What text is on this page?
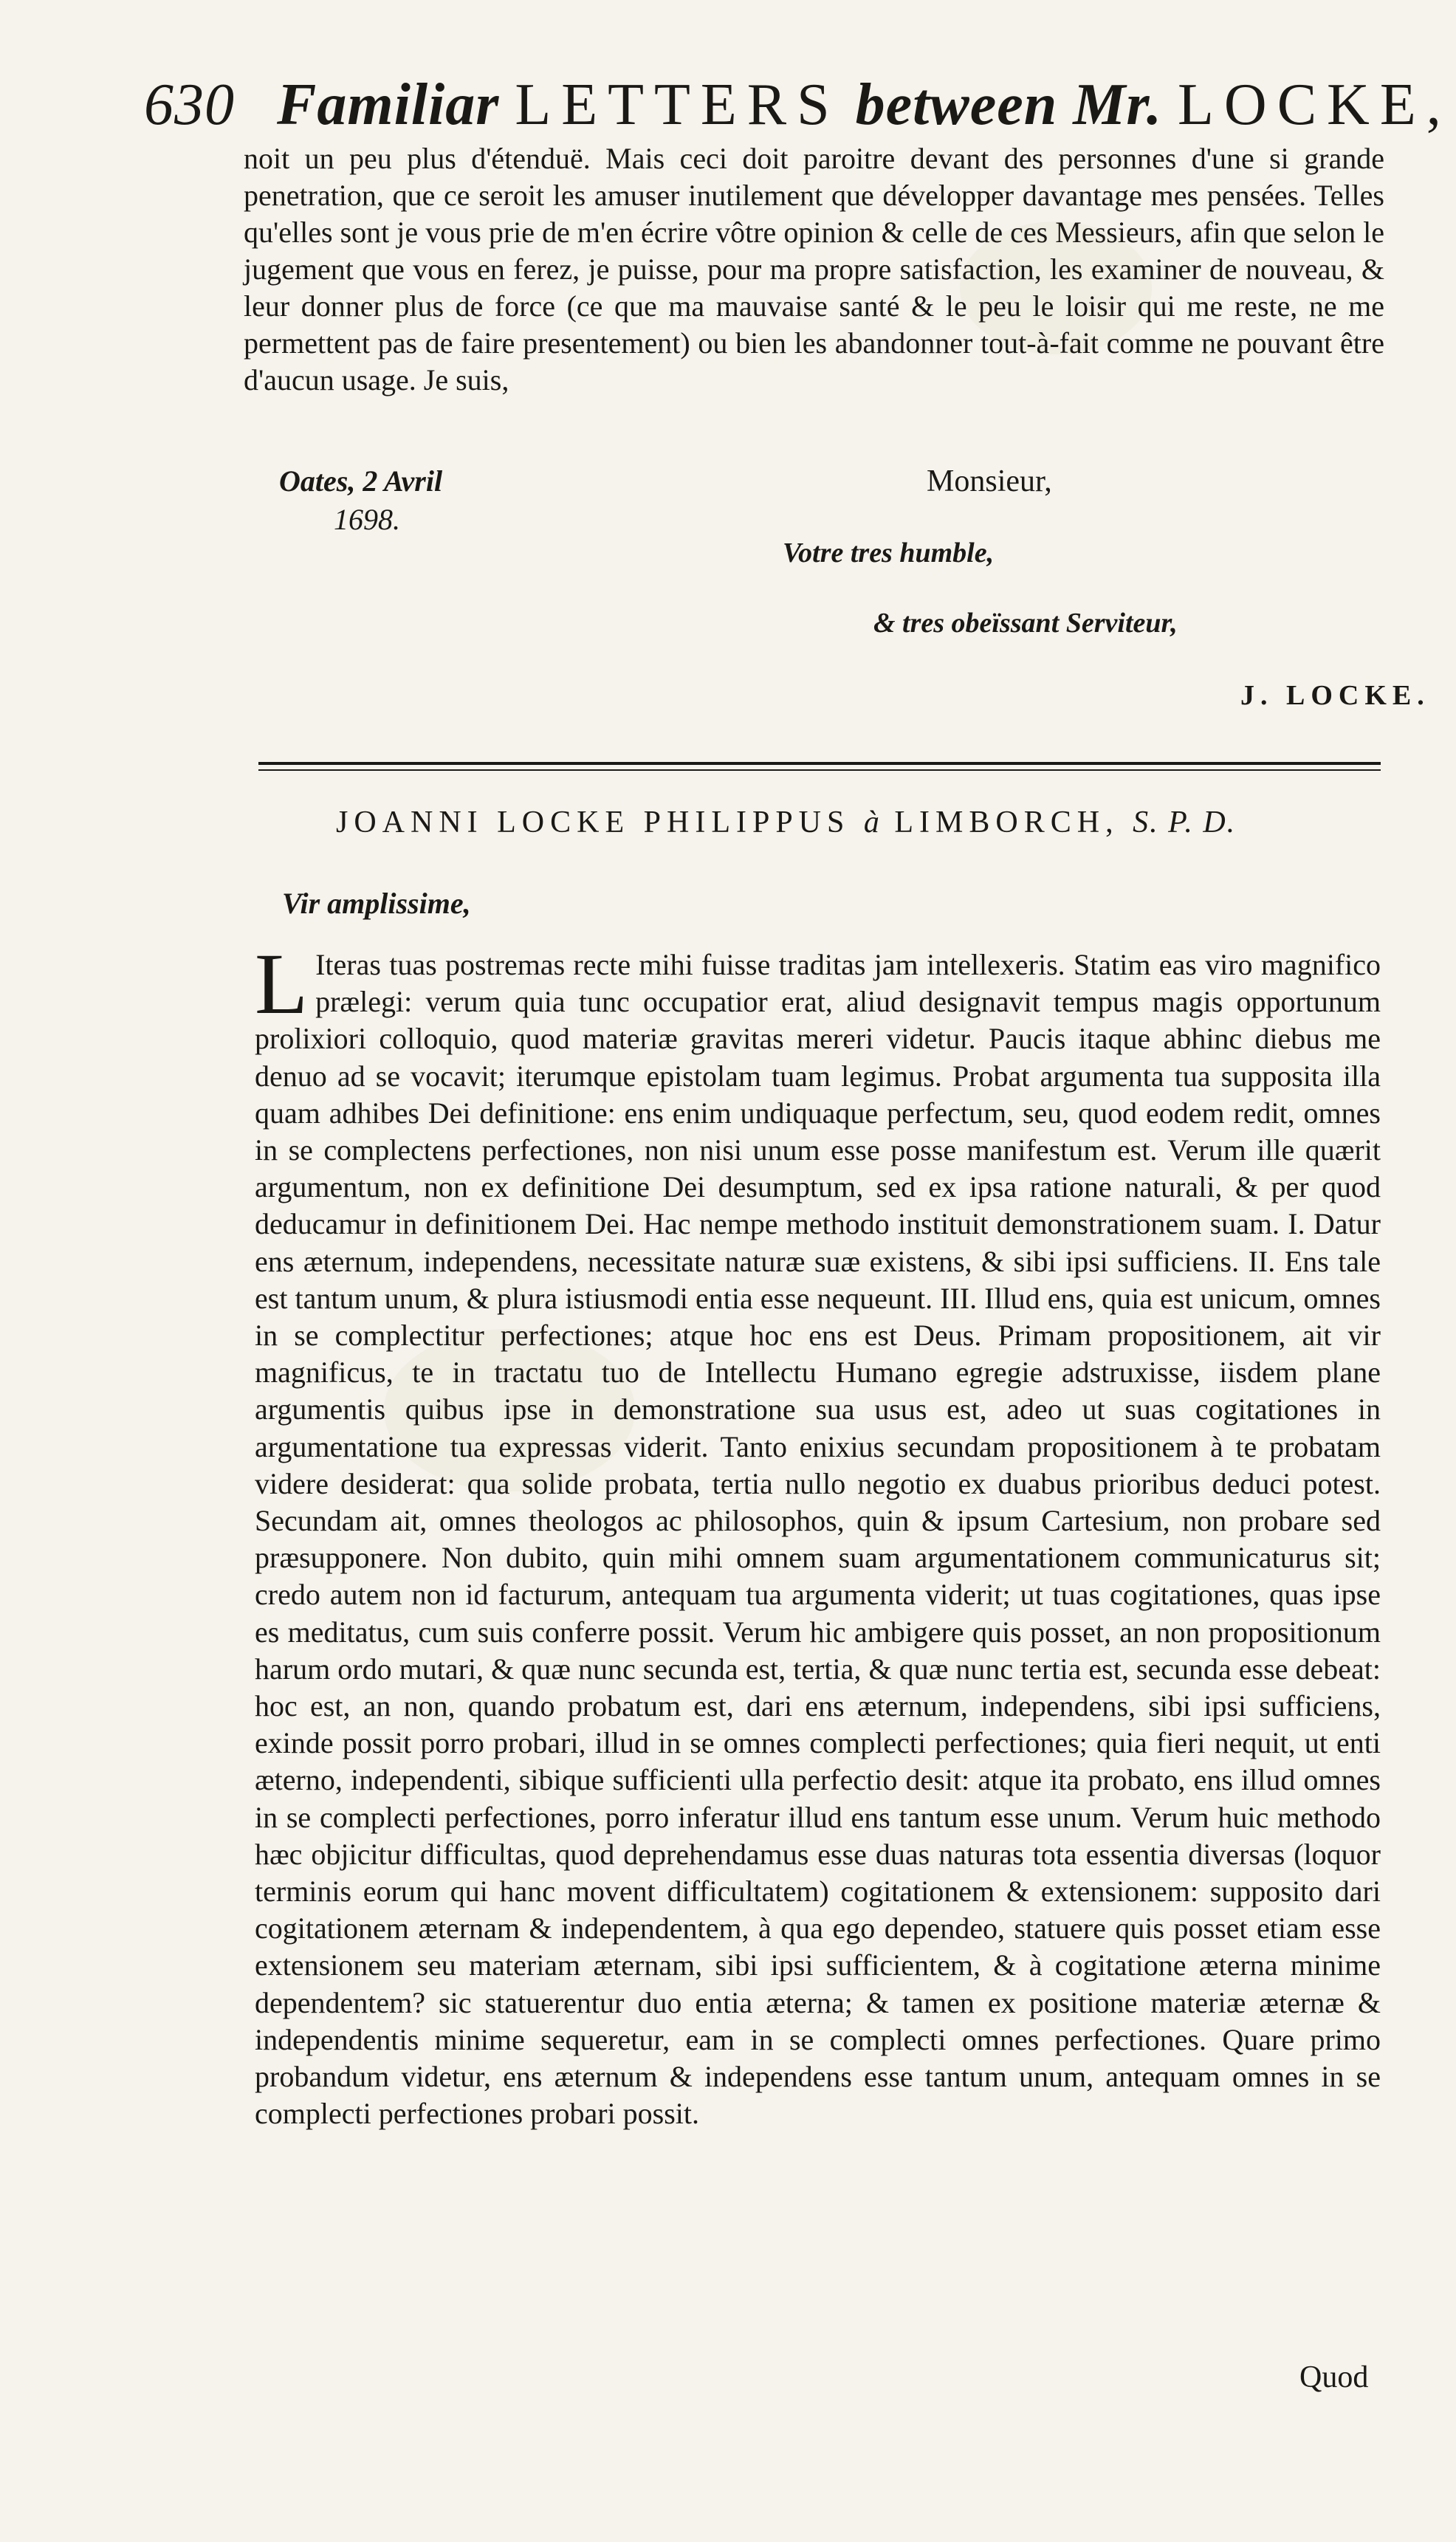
630 Familiar LETTERS between Mr. LOCKE,

noit un peu plus d'étenduë. Mais ceci doit paroitre devant des personnes d'une si grande penetration, que ce seroit les amuser inutilement que développer davantage mes pensées. Telles qu'elles sont je vous prie de m'en écrire vôtre opinion & celle de ces Messieurs, afin que selon le jugement que vous en ferez, je puisse, pour ma propre satisfaction, les examiner de nouveau, & leur donner plus de force (ce que ma mauvaise santé & le peu le loisir qui me reste, ne me permettent pas de faire presentement) ou bien les abandonner tout-à-fait comme ne pouvant être d'aucun usage. Je suis,

Oates, 2 Avril
1698.
Monsieur,
Votre tres humble,
& tres obeïssant Serviteur,
J. LOCKE.
JOANNI LOCKE PHILIPPUS à LIMBORCH, S. P. D.
Vir amplissime,

L Iteras tuas postremas recte mihi fuisse traditas jam intellexeris. Statim eas viro magnifico prælegi: verum quia tunc occupatior erat, aliud designavit tempus magis opportunum prolixiori colloquio, quod materiæ gravitas mereri videtur. Paucis itaque abhinc diebus me denuo ad se vocavit; iterumque epistolam tuam legimus. Probat argumenta tua supposita illa quam adhibes Dei definitione: ens enim undiquaque perfectum, seu, quod eodem redit, omnes in se complectens perfectiones, non nisi unum esse posse manifestum est. Verum ille quærit argumentum, non ex definitione Dei desumptum, sed ex ipsa ratione naturali, & per quod deducamur in definitionem Dei. Hac nempe methodo instituit demonstrationem suam. I. Datur ens æternum, independens, necessitate naturæ suæ existens, & sibi ipsi sufficiens. II. Ens tale est tantum unum, & plura istiusmodi entia esse nequeunt. III. Illud ens, quia est unicum, omnes in se complectitur perfectiones; atque hoc ens est Deus. Primam propositionem, ait vir magnificus, te in tractatu tuo de Intellectu Humano egregie adstruxisse, iisdem plane argumentis quibus ipse in demonstratione sua usus est, adeo ut suas cogitationes in argumentatione tua expressas viderit. Tanto enixius secundam propositionem à te probatam videre desiderat: qua solide probata, tertia nullo negotio ex duabus prioribus deduci potest. Secundam ait, omnes theologos ac philosophos, quin & ipsum Cartesium, non probare sed præsupponere. Non dubito, quin mihi omnem suam argumentationem communicaturus sit; credo autem non id facturum, antequam tua argumenta viderit; ut tuas cogitationes, quas ipse es meditatus, cum suis conferre possit. Verum hic ambigere quis posset, an non propositionum harum ordo mutari, & quæ nunc secunda est, tertia, & quæ nunc tertia est, secunda esse debeat: hoc est, an non, quando probatum est, dari ens æternum, independens, sibi ipsi sufficiens, exinde possit porro probari, illud in se omnes complecti perfectiones; quia fieri nequit, ut enti æterno, independenti, sibique sufficienti ulla perfectio desit: atque ita probato, ens illud omnes in se complecti perfectiones, porro inferatur illud ens tantum esse unum. Verum huic methodo hæc objicitur difficultas, quod deprehendamus esse duas naturas tota essentia diversas (loquor terminis eorum qui hanc movent difficultatem) cogitationem & extensionem: supposito dari cogitationem æternam & independentem, à qua ego dependeo, statuere quis posset etiam esse extensionem seu materiam æternam, sibi ipsi sufficientem, & à cogitatione æterna minime dependentem? sic statuerentur duo entia æterna; & tamen ex positione materiæ æternæ & independentis minime sequeretur, eam in se complecti omnes perfectiones. Quare primo probandum videtur, ens æternum & independens esse tantum unum, antequam omnes in se complecti perfectiones probari possit.

Quod
